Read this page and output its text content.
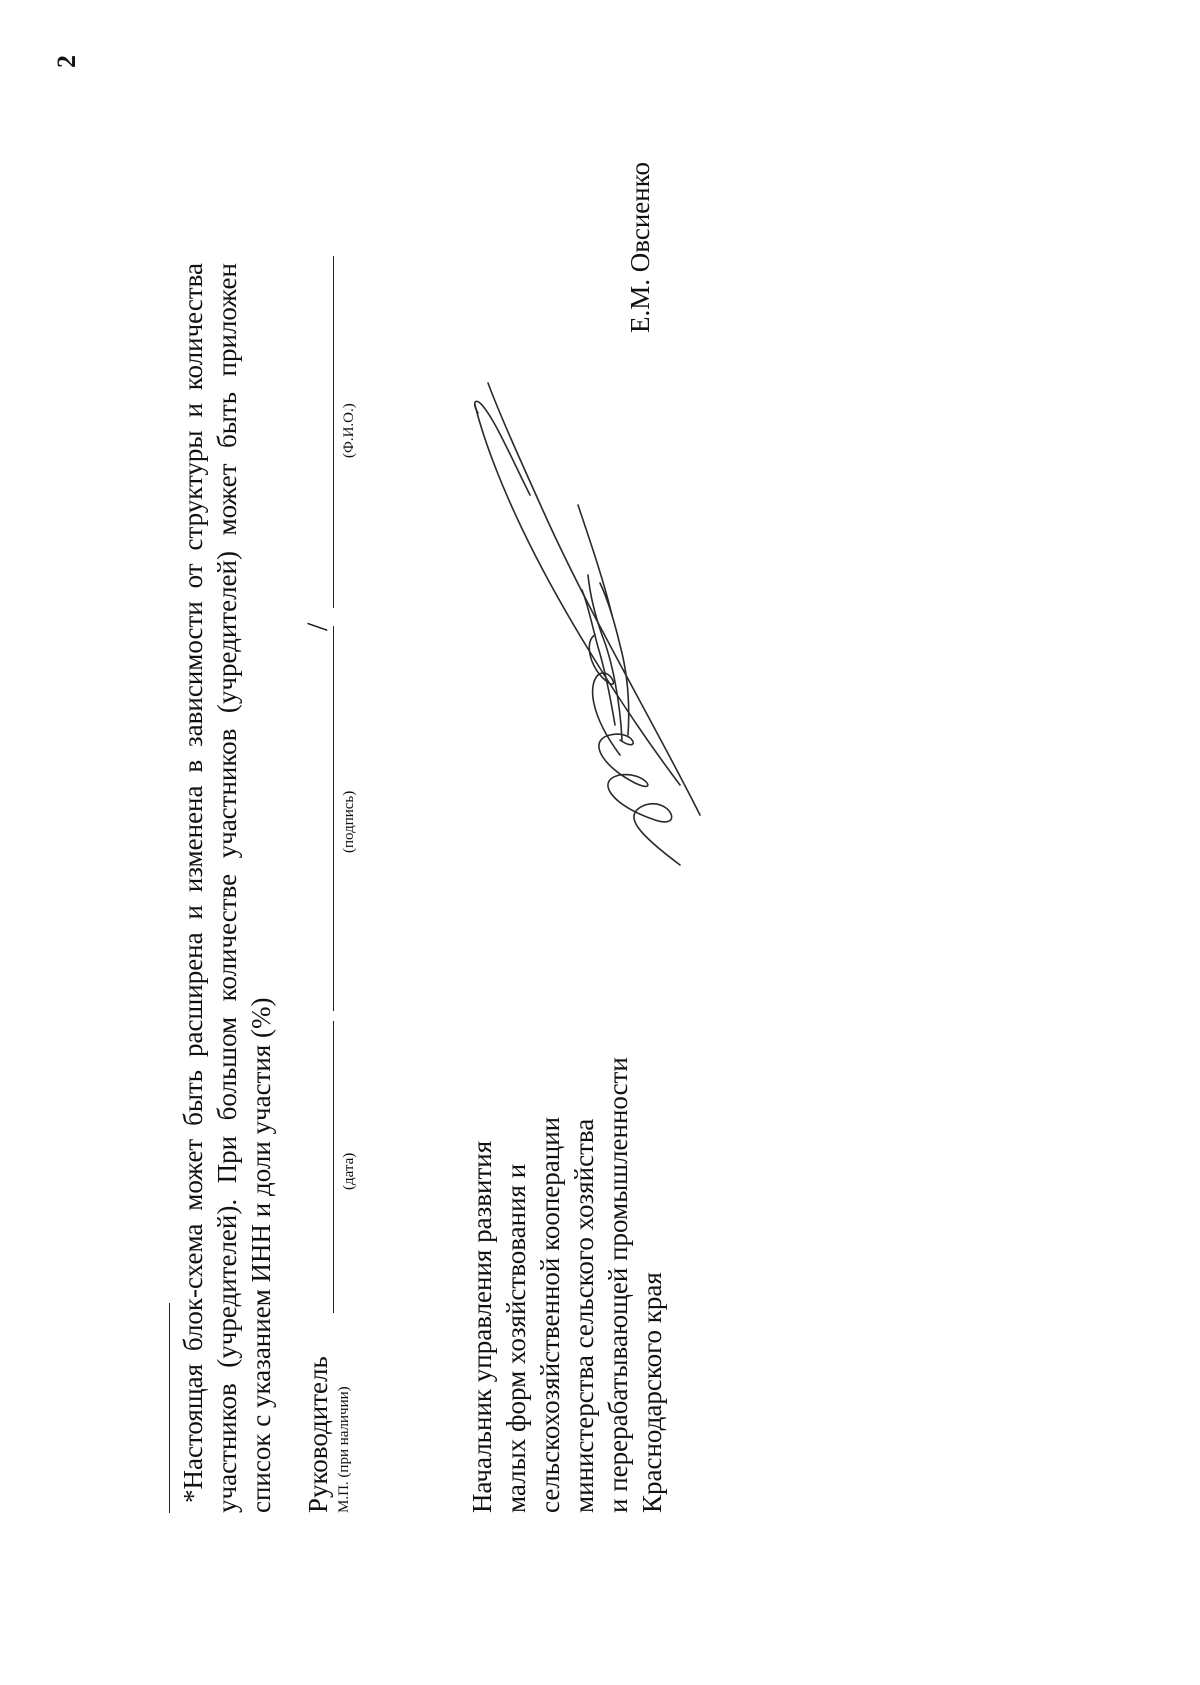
2
*Настоящая блок-схема может быть расширена и изменена в зависимости от структуры и количества участников (учредителей). При большом количестве участников (учредителей) может быть приложен список с указанием ИНН и доли участия (%) Руководитель М.П. (при наличии)
(дата)
(подпись)
/
(Ф.И.О.)
Начальник управления развития малых форм хозяйствования и сельскохозяйственной кооперации министерства сельского хозяйства и перерабатывающей промышленности Краснодарского края
Е.М. Овсиенко
